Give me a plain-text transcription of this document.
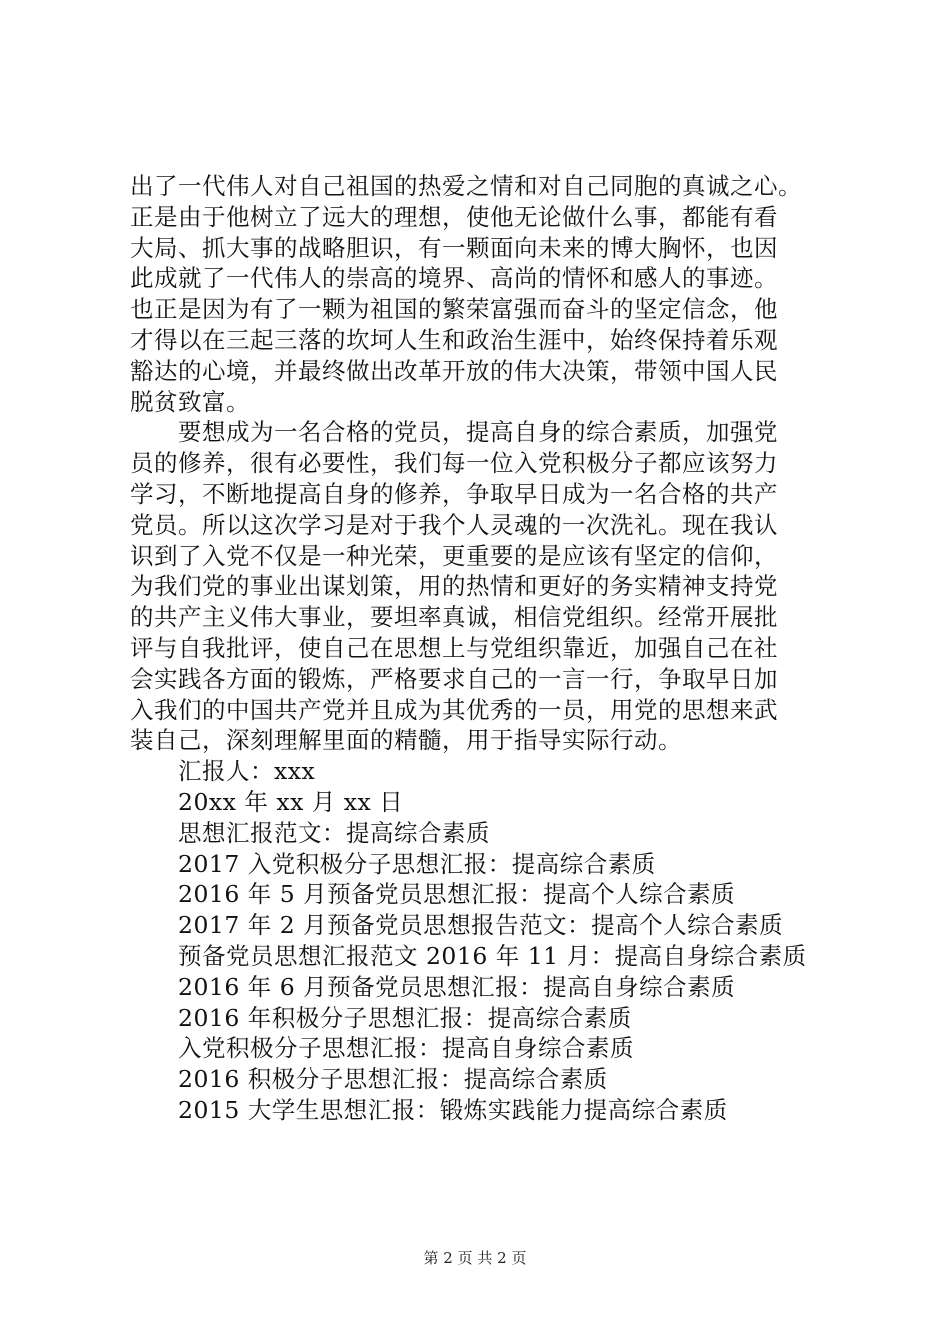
出了一代伟人对自己祖国的热爱之情和对自己同胞的真诚之心。
正是由于他树立了远大的理想，使他无论做什么事，都能有看
大局、抓大事的战略胆识，有一颗面向未来的博大胸怀，也因
此成就了一代伟人的崇高的境界、高尚的情怀和感人的事迹。
也正是因为有了一颗为祖国的繁荣富强而奋斗的坚定信念，他
才得以在三起三落的坎坷人生和政治生涯中，始终保持着乐观
豁达的心境，并最终做出改革开放的伟大决策，带领中国人民
脱贫致富。
要想成为一名合格的党员，提高自身的综合素质，加强党
员的修养，很有必要性，我们每一位入党积极分子都应该努力
学习，不断地提高自身的修养，争取早日成为一名合格的共产
党员。所以这次学习是对于我个人灵魂的一次洗礼。现在我认
识到了入党不仅是一种光荣，更重要的是应该有坚定的信仰，
为我们党的事业出谋划策，用的热情和更好的务实精神支持党
的共产主义伟大事业，要坦率真诚，相信党组织。经常开展批
评与自我批评，使自己在思想上与党组织靠近，加强自己在社
会实践各方面的锻炼，严格要求自己的一言一行，争取早日加
入我们的中国共产党并且成为其优秀的一员，用党的思想来武
装自己，深刻理解里面的精髓，用于指导实际行动。
汇报人：xxx
20xx 年 xx 月 xx 日
思想汇报范文：提高综合素质
2017 入党积极分子思想汇报：提高综合素质
2016 年 5 月预备党员思想汇报：提高个人综合素质
2017 年 2 月预备党员思想报告范文：提高个人综合素质
预备党员思想汇报范文 2016 年 11 月：提高自身综合素质
2016 年 6 月预备党员思想汇报：提高自身综合素质
2016 年积极分子思想汇报：提高综合素质
入党积极分子思想汇报：提高自身综合素质
2016 积极分子思想汇报：提高综合素质
2015 大学生思想汇报：锻炼实践能力提高综合素质
第 2 页 共 2 页
